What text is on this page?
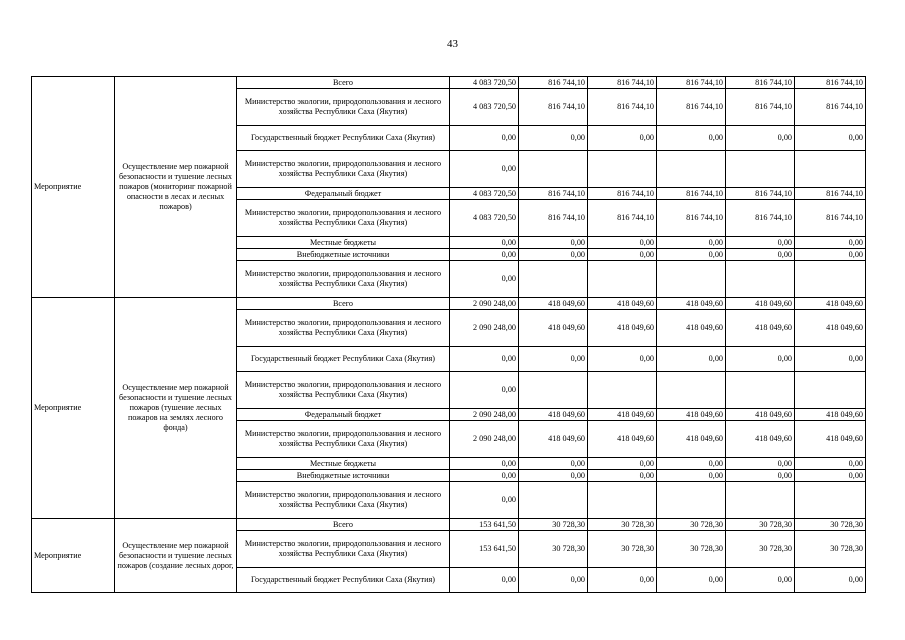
43
Мероприятие	Осуществление мер пожарной безопасности и тушение лесных пожаров (мониторинг пожарной опасности в лесах и лесных пожаров)	Всего	4 083 720,50	816 744,10	816 744,10	816 744,10	816 744,10	816 744,10
		Министерство экологии, природопользования и лесного хозяйства Республики Саха (Якутия)	4 083 720,50	816 744,10	816 744,10	816 744,10	816 744,10	816 744,10
		Государственный бюджет Республики Саха (Якутия)	0,00	0,00	0,00	0,00	0,00	0,00
		Министерство экологии, природопользования и лесного хозяйства Республики Саха (Якутия)	0,00					
		Федеральный бюджет	4 083 720,50	816 744,10	816 744,10	816 744,10	816 744,10	816 744,10
		Министерство экологии, природопользования и лесного хозяйства Республики Саха (Якутия)	4 083 720,50	816 744,10	816 744,10	816 744,10	816 744,10	816 744,10
		Местные бюджеты	0,00	0,00	0,00	0,00	0,00	0,00
		Внебюджетные источники	0,00	0,00	0,00	0,00	0,00	0,00
		Министерство экологии, природопользования и лесного хозяйства Республики Саха (Якутия)	0,00					
Мероприятие	Осуществление мер пожарной безопасности и тушение лесных пожаров (тушение лесных пожаров на землях лесного фонда)	Всего	2 090 248,00	418 049,60	418 049,60	418 049,60	418 049,60	418 049,60
		Министерство экологии, природопользования и лесного хозяйства Республики Саха (Якутия)	2 090 248,00	418 049,60	418 049,60	418 049,60	418 049,60	418 049,60
		Государственный бюджет Республики Саха (Якутия)	0,00	0,00	0,00	0,00	0,00	0,00
		Министерство экологии, природопользования и лесного хозяйства Республики Саха (Якутия)	0,00					
		Федеральный бюджет	2 090 248,00	418 049,60	418 049,60	418 049,60	418 049,60	418 049,60
		Министерство экологии, природопользования и лесного хозяйства Республики Саха (Якутия)	2 090 248,00	418 049,60	418 049,60	418 049,60	418 049,60	418 049,60
		Местные бюджеты	0,00	0,00	0,00	0,00	0,00	0,00
		Внебюджетные источники	0,00	0,00	0,00	0,00	0,00	0,00
		Министерство экологии, природопользования и лесного хозяйства Республики Саха (Якутия)	0,00					
Мероприятие	Осуществление мер пожарной безопасности и тушение лесных пожаров (создание лесных дорог,	Всего	153 641,50	30 728,30	30 728,30	30 728,30	30 728,30	30 728,30
		Министерство экологии, природопользования и лесного хозяйства Республики Саха (Якутия)	153 641,50	30 728,30	30 728,30	30 728,30	30 728,30	30 728,30
		Государственный бюджет Республики Саха (Якутия)	0,00	0,00	0,00	0,00	0,00	0,00
